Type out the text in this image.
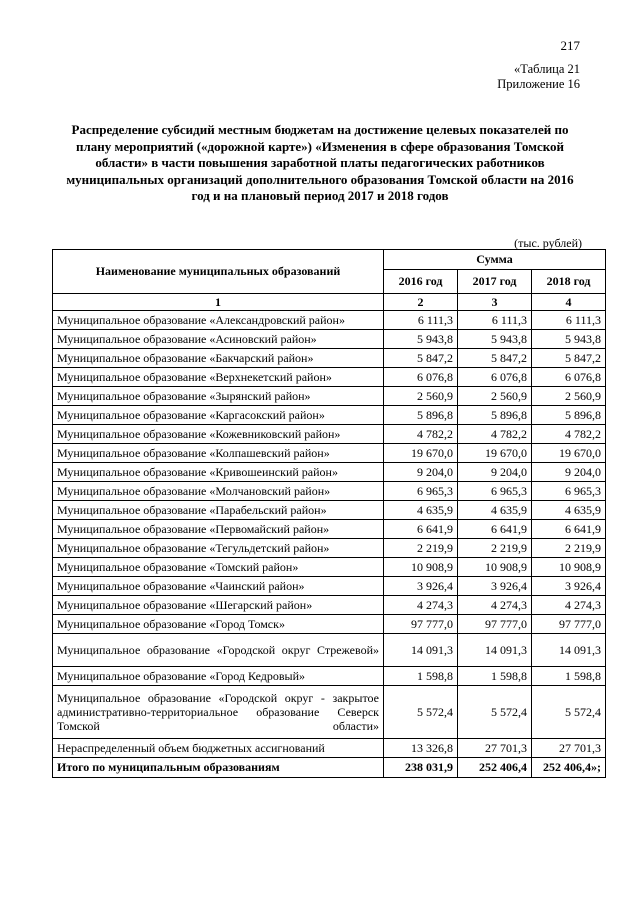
217
«Таблица 21
Приложение 16
Распределение субсидий местным бюджетам на достижение целевых показателей по плану мероприятий («дорожной карте») «Изменения в сфере образования Томской области» в части повышения заработной платы педагогических работников муниципальных организаций дополнительного образования Томской области на 2016 год и на плановый период 2017 и 2018 годов
(тыс. рублей)
Наименование муниципальных образований	Сумма		
	2016 год	2017 год	2018 год
1	2	3	4
Муниципальное образование «Александровский район»	6 111,3	6 111,3	6 111,3
Муниципальное образование «Асиновский район»	5 943,8	5 943,8	5 943,8
Муниципальное образование «Бакчарский район»	5 847,2	5 847,2	5 847,2
Муниципальное образование «Верхнекетский район»	6 076,8	6 076,8	6 076,8
Муниципальное образование «Зырянский район»	2 560,9	2 560,9	2 560,9
Муниципальное образование «Каргасокский район»	5 896,8	5 896,8	5 896,8
Муниципальное образование «Кожевниковский район»	4 782,2	4 782,2	4 782,2
Муниципальное образование «Колпашевский район»	19 670,0	19 670,0	19 670,0
Муниципальное образование «Кривошеинский район»	9 204,0	9 204,0	9 204,0
Муниципальное образование «Молчановский район»	6 965,3	6 965,3	6 965,3
Муниципальное образование «Парабельский район»	4 635,9	4 635,9	4 635,9
Муниципальное образование «Первомайский район»	6 641,9	6 641,9	6 641,9
Муниципальное образование «Тегульдетский район»	2 219,9	2 219,9	2 219,9
Муниципальное образование «Томский район»	10 908,9	10 908,9	10 908,9
Муниципальное образование «Чаинский район»	3 926,4	3 926,4	3 926,4
Муниципальное образование «Шегарский район»	4 274,3	4 274,3	4 274,3
Муниципальное образование «Город Томск»	97 777,0	97 777,0	97 777,0
Муниципальное образование «Городской округ Стрежевой»	14 091,3	14 091,3	14 091,3
Муниципальное образование «Город Кедровый»	1 598,8	1 598,8	1 598,8
Муниципальное образование «Городской округ - закрытое административно-территориальное образование Северск Томской области»	5 572,4	5 572,4	5 572,4
Нераспределенный объем бюджетных ассигнований	13 326,8	27 701,3	27 701,3
Итого по муниципальным образованиям	238 031,9	252 406,4	252 406,4»;
